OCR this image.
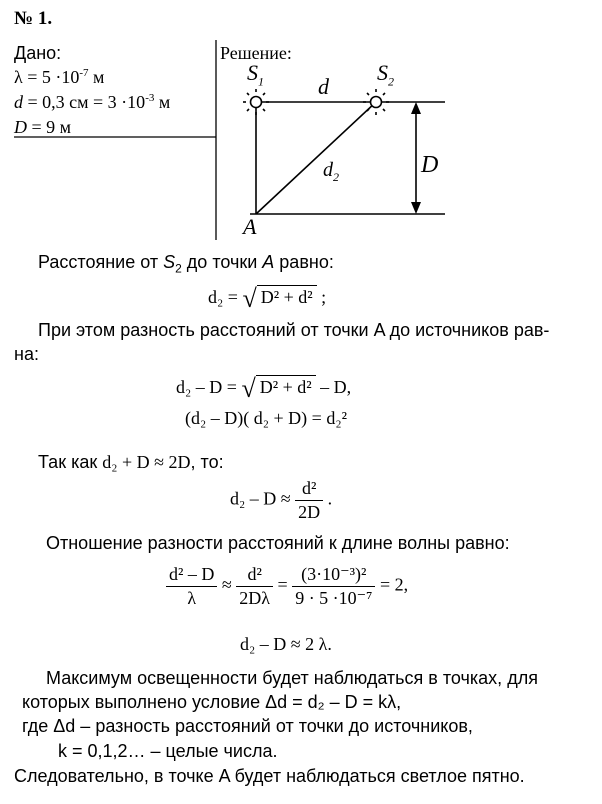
№ 1.
Дано:
$\lambda = 5 \cdot 10^{-7}$ м
d = 0,3 см = $3 \cdot 10^{-3}$ м
D = 9 м
Решение:
$S_1$	$S_2$
d
$d_2$	D
A
Расстояние от $S_2$ до точки A равно:
d₂ = √ D² + d² ;
При этом разность расстояний от точки A до источников рав-
на:
d₂ – D = √ D² + d² – D,
(d₂ – D)( d₂ + D) = d₂²
Так как d₂ + D ≈ 2D, то:
$d_2 - D \approx \frac{\text{d²}}{2D}$ .
Отношение разности расстояний к длине волны равно:
$\frac{\text{d² – D}}{\lambda} \approx \frac{\text{d²}}{2D\lambda} = \frac{\text{(3·10⁻³)²}}{\text{9 · 5 ·10⁻⁷}} = 2$,
d₂ – D ≈ 2 λ.
Максимум освещенности будет наблюдаться в точках, для
которых выполнено условие Δd = d₂ – D = kλ,
где Δd – разность расстояний от точки до источников,
k = 0,1,2… – целые числа.
Следовательно, в точке A будет наблюдаться светлое пятно.
